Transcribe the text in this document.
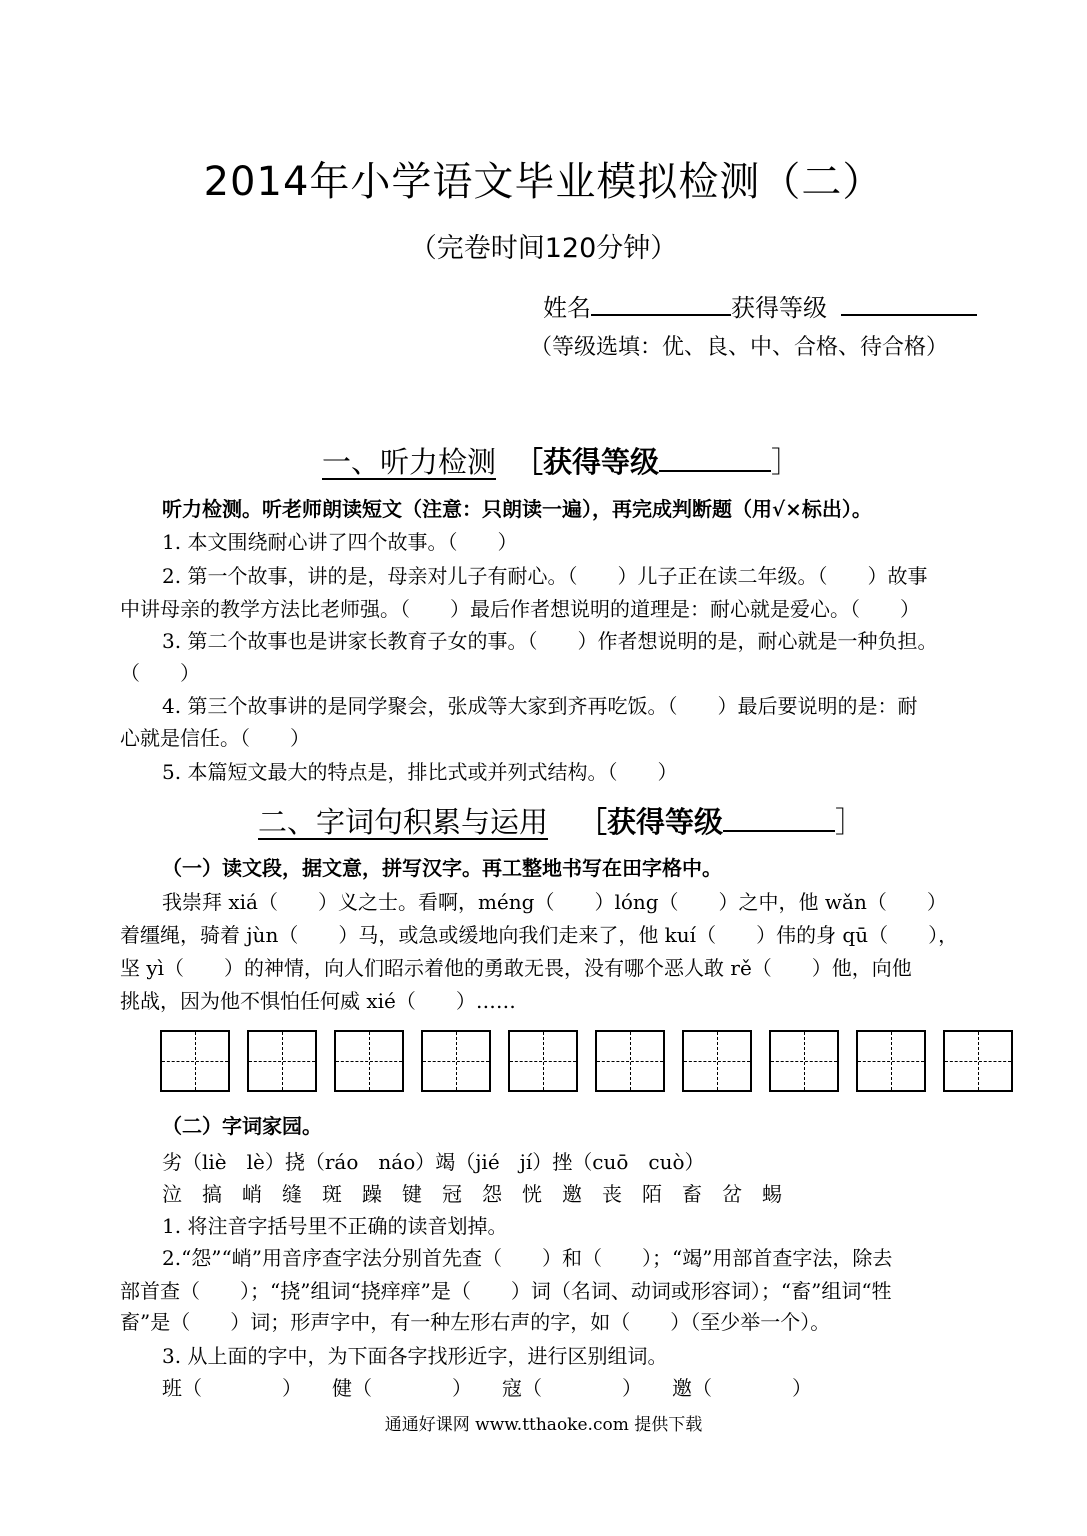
2014年小学语文毕业模拟检测（二）
（完卷时间120分钟）
姓名	获得等级
（等级选填：优、良、中、合格、待合格）
一、听力检测 ［获得等级	］
听力检测。听老师朗读短文（注意：只朗读一遍），再完成判断题（用√×标出）。
1. 本文围绕耐心讲了四个故事。（　　）
2. 第一个故事，讲的是，母亲对儿子有耐心。（　　）儿子正在读二年级。（　　）故事
中讲母亲的教学方法比老师强。（　　）最后作者想说明的道理是：耐心就是爱心。（　　）
3. 第二个故事也是讲家长教育子女的事。（　　）作者想说明的是，耐心就是一种负担。
（　　）
4. 第三个故事讲的是同学聚会，张成等大家到齐再吃饭。（　　）最后要说明的是：耐
心就是信任。（　　）
5. 本篇短文最大的特点是，排比式或并列式结构。（　　）
二、字词句积累与运用 ［获得等级	］
（一）读文段，据文意，拼写汉字。再工整地书写在田字格中。
我崇拜 xiá（　　）义之士。看啊，méng（　　）lóng（　　）之中，他 wǎn（　　）
着缰绳，骑着 jùn（　　）马，或急或缓地向我们走来了，他 kuí（　　）伟的身 qū（　　），
坚 yì（　　）的神情，向人们昭示着他的勇敢无畏，没有哪个恶人敢 rě（　　）他，向他
挑战，因为他不惧怕任何威 xié（　　）……
（二）字词家园。
劣（liè　lè）挠（ráo　náo）竭（jié　jí）挫（cuō　cuò）
泣　搞　峭　缝　斑　躁　键　冠　怨　恍　邀　丧　陌　畜　岔　蜴
1. 将注音字括号里不正确的读音划掉。
2.“怨”“峭”用音序查字法分别首先查（　　）和（　　）；“竭”用部首查字法，除去
部首查（　　）；“挠”组词“挠痒痒”是（　　）词（名词、动词或形容词）；“畜”组词“牲
畜”是（　　）词；形声字中，有一种左形右声的字，如（　　）（至少举一个）。
3. 从上面的字中，为下面各字找形近字，进行区别组词。
班（　　　　）　　健（　　　　）　　寇（　　　　）　　邀（　　　　）
通通好课网 www.tthaoke.com 提供下载
